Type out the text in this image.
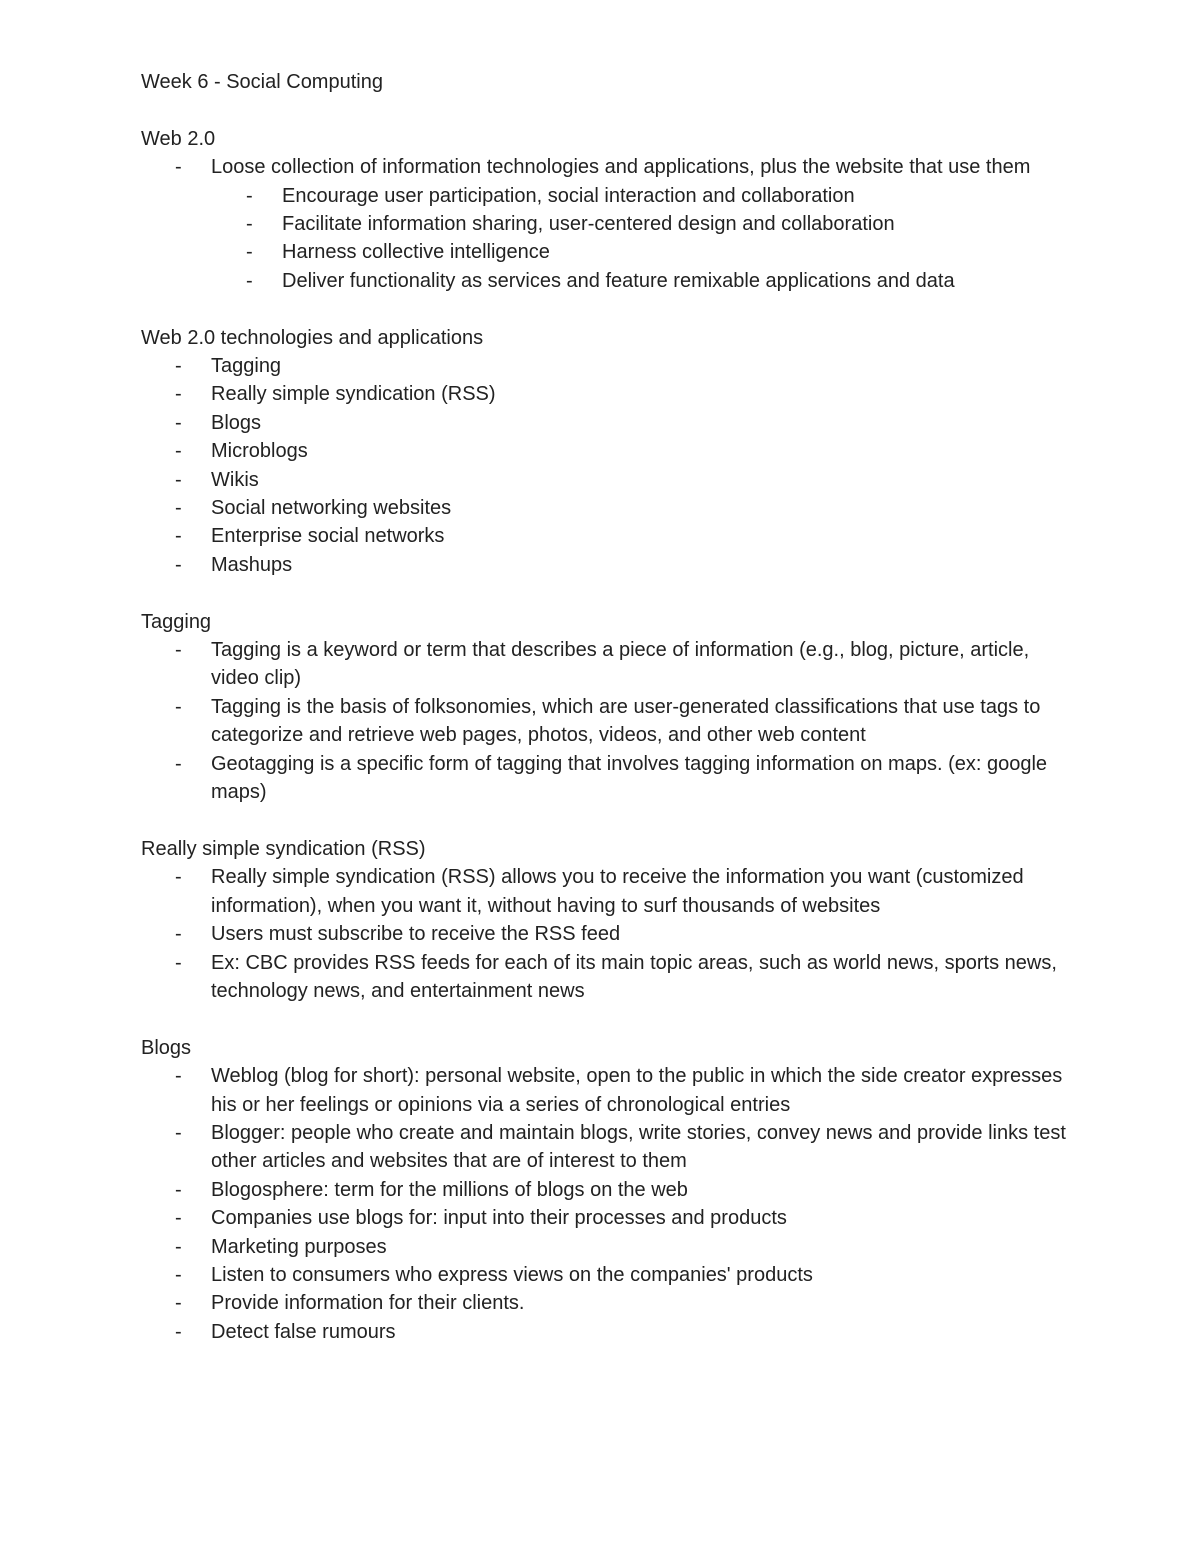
Week 6 - Social Computing
Web 2.0
-	Loose collection of information technologies and applications, plus the website that use them
-	Encourage user participation, social interaction and collaboration
-	Facilitate information sharing, user-centered design and collaboration
-	Harness collective intelligence
-	Deliver functionality as services and feature remixable applications and data
Web 2.0 technologies and applications
-	Tagging
-	Really simple syndication (RSS)
-	Blogs
-	Microblogs
-	Wikis
-	Social networking websites
-	Enterprise social networks
-	Mashups
Tagging
-	Tagging is a keyword or term that describes a piece of information (e.g., blog, picture, article, video clip)
-	Tagging is the basis of folksonomies, which are user-generated classifications that use tags to categorize and retrieve web pages, photos, videos, and other web content
-	Geotagging is a specific form of tagging that involves tagging information on maps. (ex: google maps)
Really simple syndication (RSS)
-	Really simple syndication (RSS) allows you to receive the information you want (customized information), when you want it, without having to surf thousands of websites
-	Users must subscribe to receive the RSS feed
-	Ex: CBC provides RSS feeds for each of its main topic areas, such as world news, sports news, technology news, and entertainment news
Blogs
-	Weblog (blog for short): personal website, open to the public in which the side creator expresses his or her feelings or opinions via a series of chronological entries
-	Blogger: people who create and maintain blogs, write stories, convey news and provide links test other articles and websites that are of interest to them
-	Blogosphere: term for the millions of blogs on the web
-	Companies use blogs for: input into their processes and products
-	Marketing purposes
-	Listen to consumers who express views on the companies' products
-	Provide information for their clients.
-	Detect false rumours
